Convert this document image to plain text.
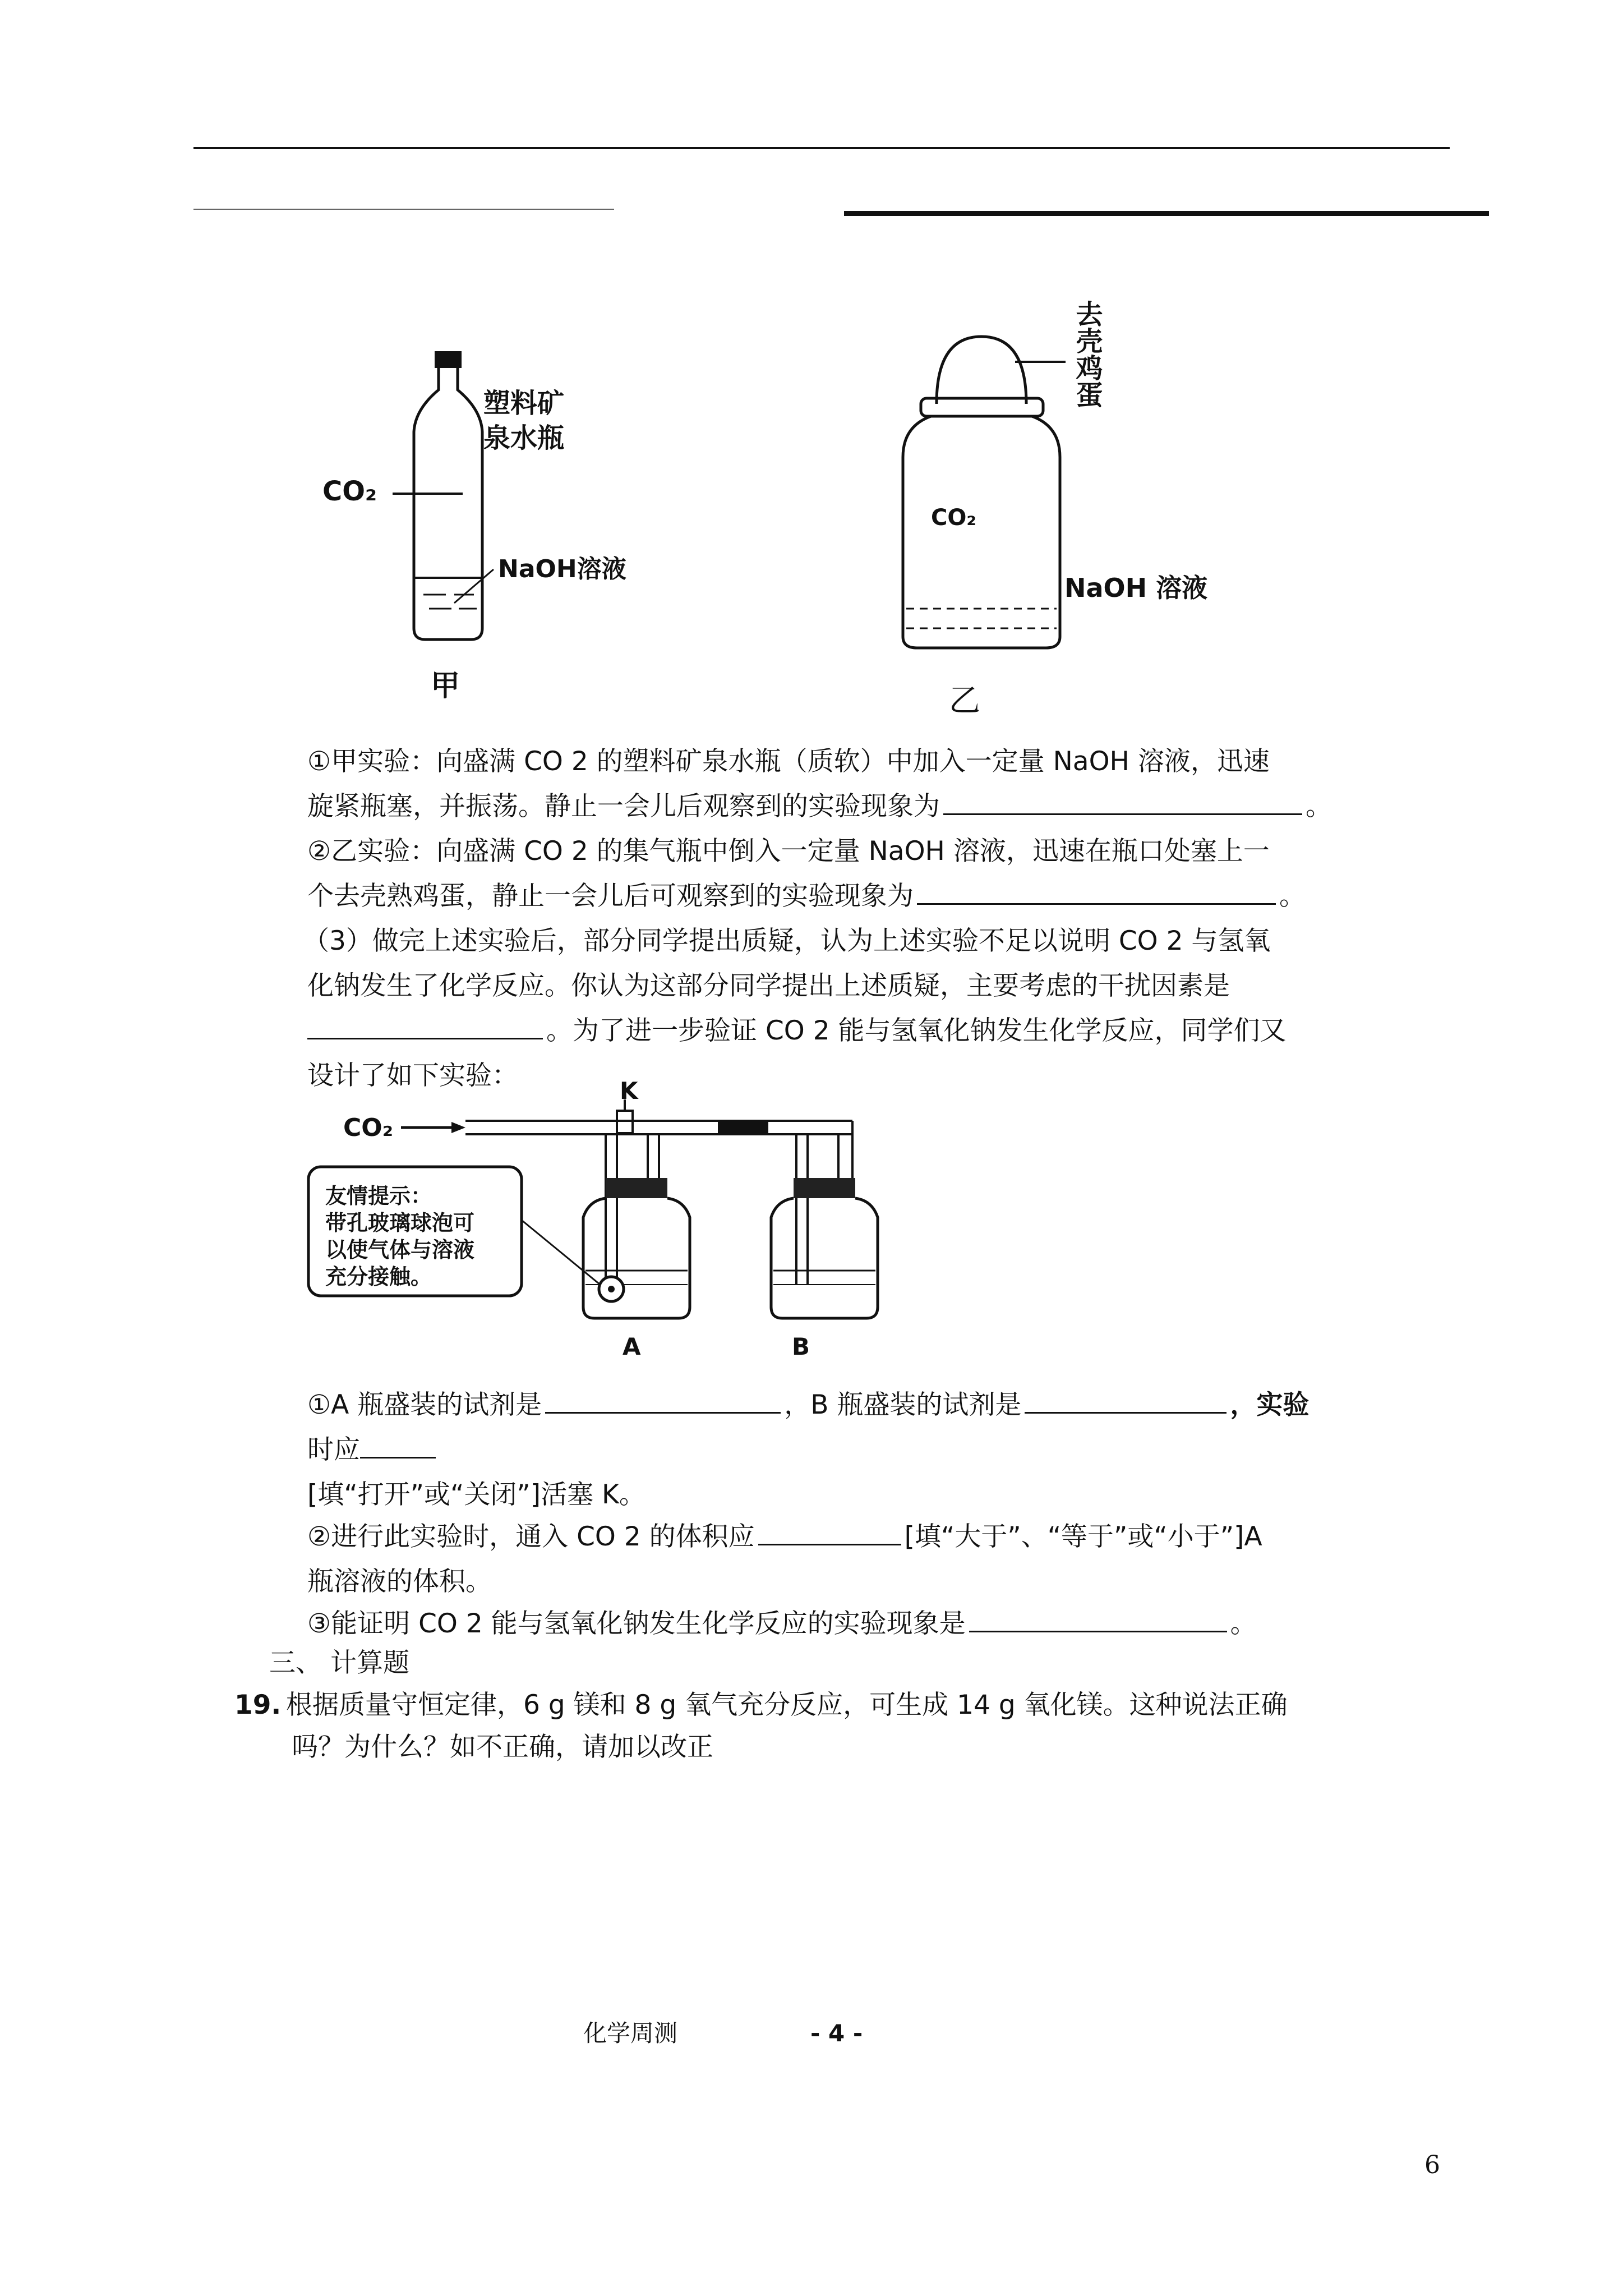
塑料矿
泉水瓶
CO₂
NaOH溶液
甲
去壳鸡蛋
CO₂
NaOH 溶液
乙
①甲实验：向盛满 CO 2 的塑料矿泉水瓶（质软）中加入一定量 NaOH 溶液，迅速
旋紧瓶塞，并振荡。静止一会儿后观察到的实验现象为	。
②乙实验：向盛满 CO 2 的集气瓶中倒入一定量 NaOH 溶液，迅速在瓶口处塞上一
个去壳熟鸡蛋，静止一会儿后可观察到的实验现象为	。
（3）做完上述实验后，部分同学提出质疑，认为上述实验不足以说明 CO 2 与氢氧
化钠发生了化学反应。你认为这部分同学提出上述质疑，主要考虑的干扰因素是
。为了进一步验证 CO 2 能与氢氧化钠发生化学反应，同学们又
设计了如下实验：	K
CO₂
友情提示：
带孔玻璃球泡可
以使气体与溶液
充分接触。
A	B
①A 瓶盛装的试剂是	，B 瓶盛装的试剂是	，实验
时应
[填“打开”或“关闭”]活塞 K。
②进行此实验时，通入 CO 2 的体积应	[填“大于”、“等于”或“小于”]A
瓶溶液的体积。
③能证明 CO 2 能与氢氧化钠发生化学反应的实验现象是	。
三、 计算题
19. 根据质量守恒定律，6 g 镁和 8 g 氧气充分反应，可生成 14 g 氧化镁。这种说法正确
吗？为什么？如不正确，请加以改正
化学周测	- 4 -
6
